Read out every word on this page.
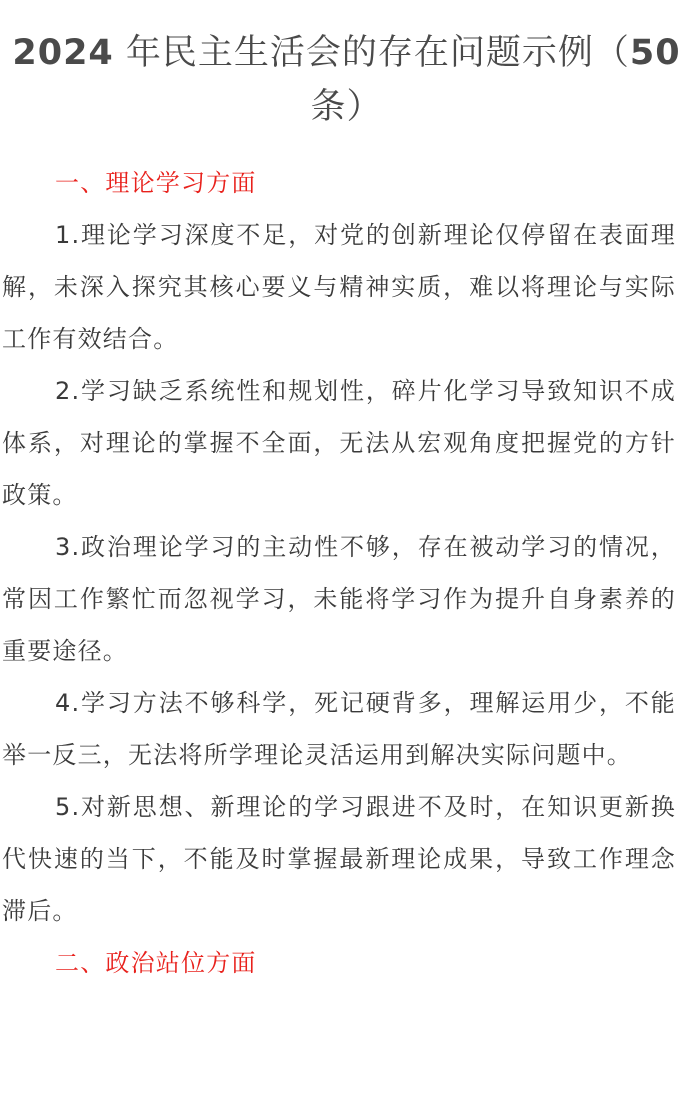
2024 年民主生活会的存在问题示例（50 条）

一、理论学习方面

1.理论学习深度不足，对党的创新理论仅停留在表面理解，未深入探究其核心要义与精神实质，难以将理论与实际工作有效结合。

2.学习缺乏系统性和规划性，碎片化学习导致知识不成体系，对理论的掌握不全面，无法从宏观角度把握党的方针政策。

3.政治理论学习的主动性不够，存在被动学习的情况，常因工作繁忙而忽视学习，未能将学习作为提升自身素养的重要途径。

4.学习方法不够科学，死记硬背多，理解运用少，不能举一反三，无法将所学理论灵活运用到解决实际问题中。

5.对新思想、新理论的学习跟进不及时，在知识更新换代快速的当下，不能及时掌握最新理论成果，导致工作理念滞后。

二、政治站位方面
